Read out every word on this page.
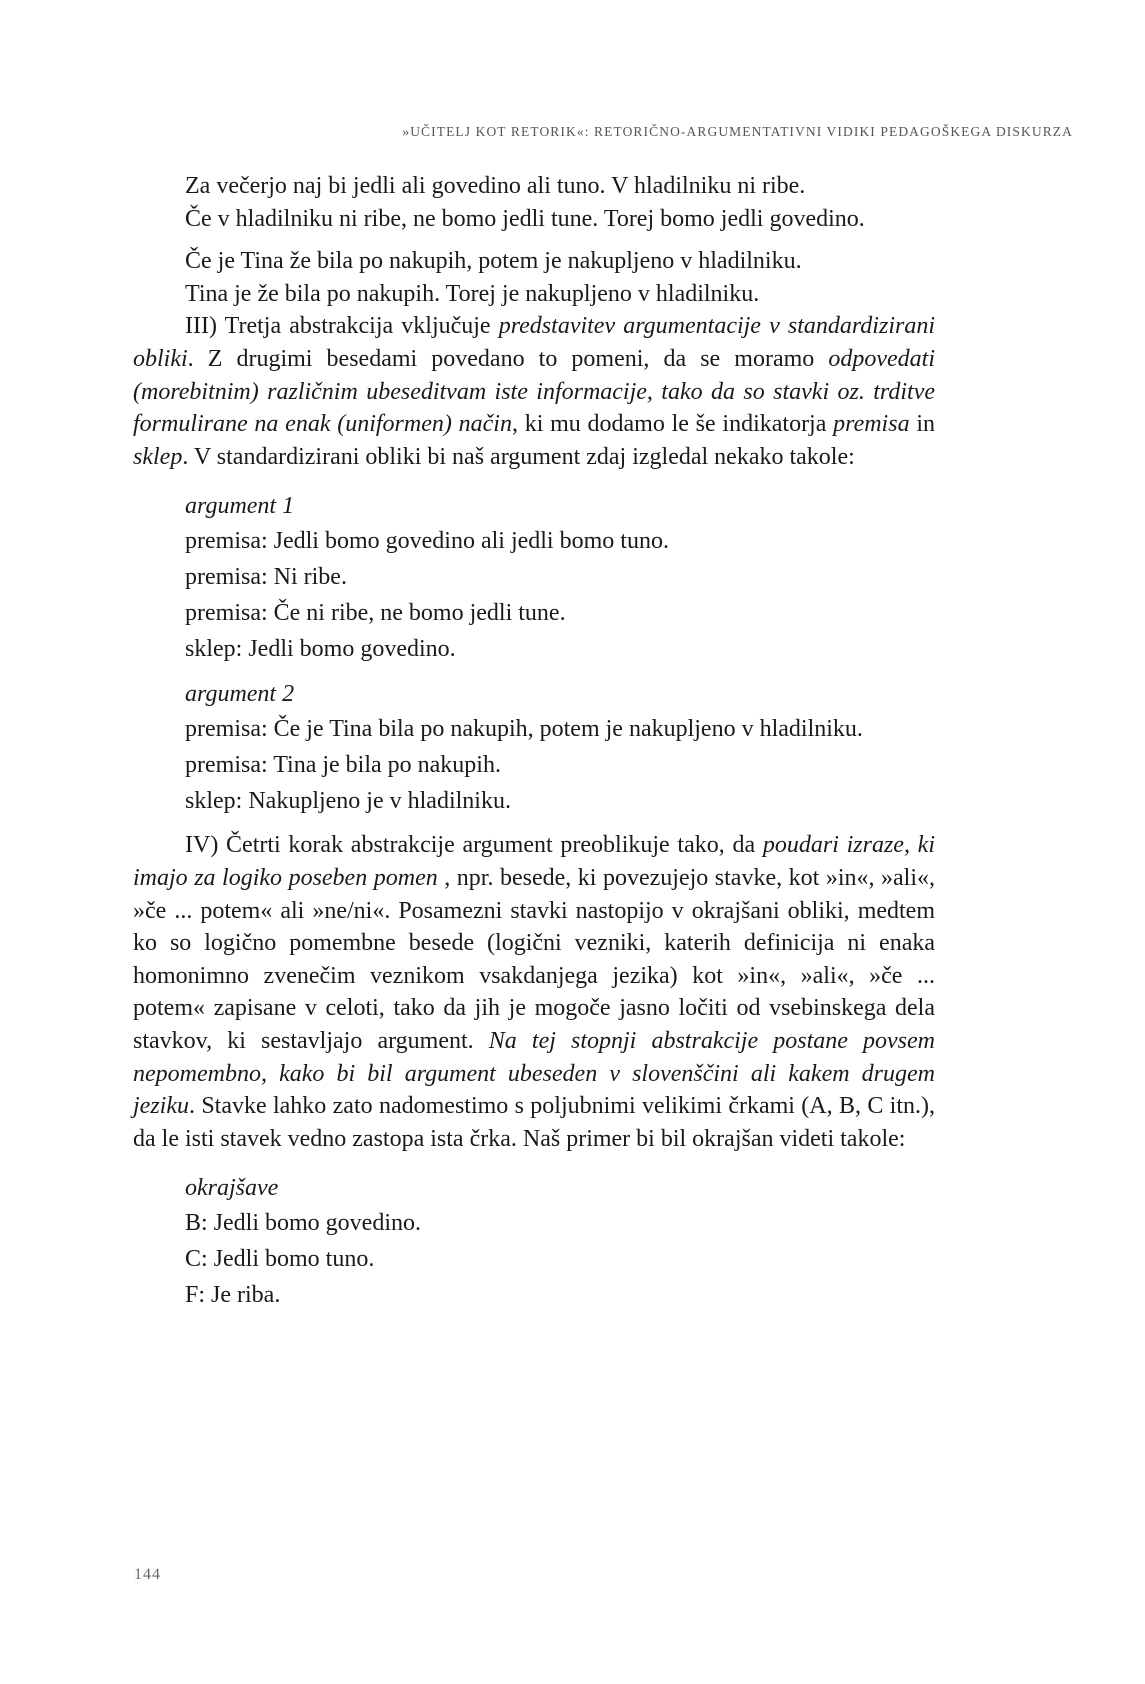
»UČITELJ KOT RETORIK«: RETORIČNO-ARGUMENTATIVNI VIDIKI PEDAGOŠKEGA DISKURZA

Za večerjo naj bi jedli ali govedino ali tuno. V hladilniku ni ribe.

Če v hladilniku ni ribe, ne bomo jedli tune. Torej bomo jedli govedino.

Če je Tina že bila po nakupih, potem je nakupljeno v hladilniku.

Tina je že bila po nakupih. Torej je nakupljeno v hladilniku.

III) Tretja abstrakcija vključuje predstavitev argumentacije v standardizirani obliki. Z drugimi besedami povedano to pomeni, da se moramo odpovedati (morebitnim) različnim ubeseditvam iste informacije, tako da so stavki oz. trditve formulirane na enak (uniformen) način, ki mu dodamo le še indikatorja premisa in sklep. V standardizirani obliki bi naš argument zdaj izgledal nekako takole:

argument 1

premisa: Jedli bomo govedino ali jedli bomo tuno.

premisa: Ni ribe.

premisa: Če ni ribe, ne bomo jedli tune.

sklep: Jedli bomo govedino.

argument 2

premisa: Če je Tina bila po nakupih, potem je nakupljeno v hladilniku.

premisa: Tina je bila po nakupih.

sklep: Nakupljeno je v hladilniku.

IV) Četrti korak abstrakcije argument preoblikuje tako, da poudari izraze, ki imajo za logiko poseben pomen , npr. besede, ki povezujejo stavke, kot »in«, »ali«, »če ... potem« ali »ne/ni«. Posamezni stavki nastopijo v okrajšani obliki, medtem ko so logično pomembne besede (logični vezniki, katerih definicija ni enaka homonimno zvenečim veznikom vsakdanjega jezika) kot »in«, »ali«, »če ... potem« zapisane v celoti, tako da jih je mogoče jasno ločiti od vsebinskega dela stavkov, ki sestavljajo argument. Na tej stopnji abstrakcije postane povsem nepomembno, kako bi bil argument ubeseden v slovenščini ali kakem drugem jeziku. Stavke lahko zato nadomestimo s poljubnimi velikimi črkami (A, B, C itn.), da le isti stavek vedno zastopa ista črka. Naš primer bi bil okrajšan videti takole:

okrajšave

B: Jedli bomo govedino.

C: Jedli bomo tuno.

F: Je riba.

144
